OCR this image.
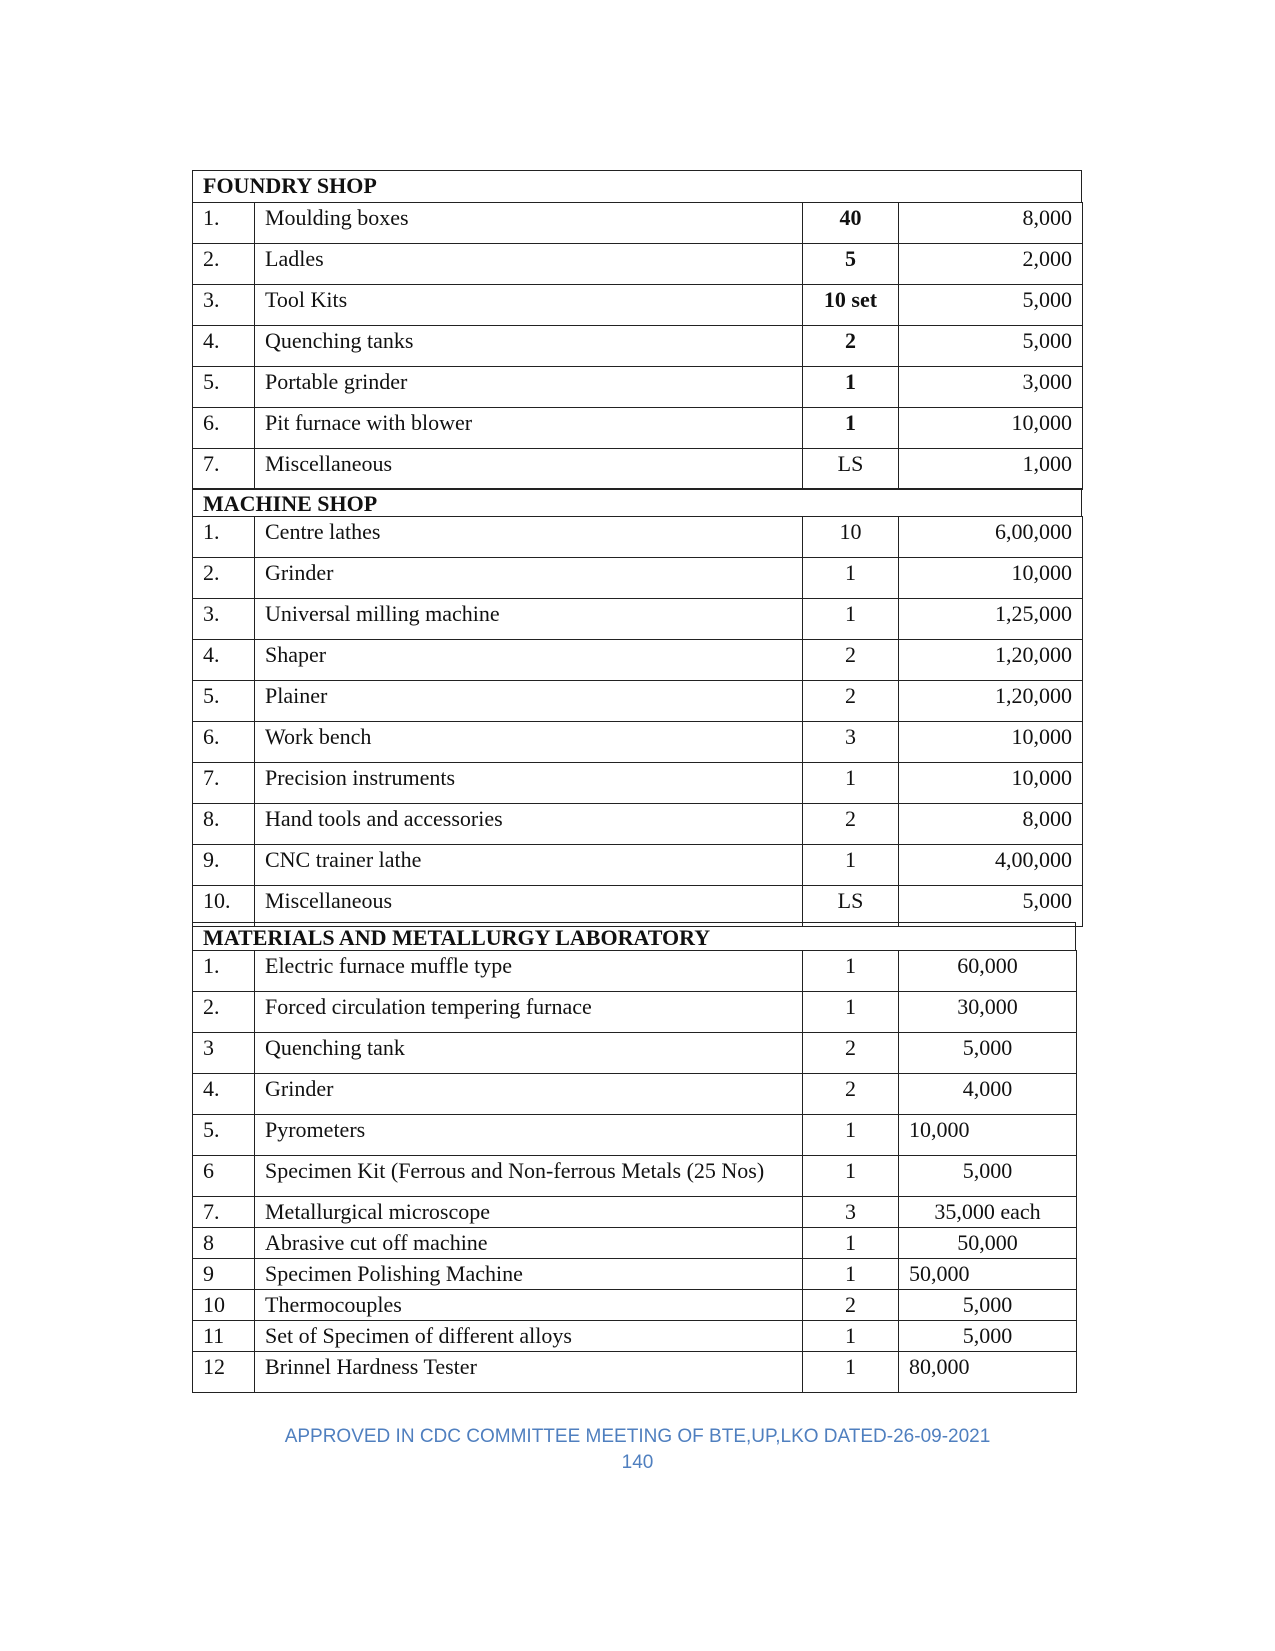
FOUNDRY SHOP
1.	Moulding boxes	40	8,000
2.	Ladles	5	2,000
3.	Tool Kits	10 set	5,000
4.	Quenching tanks	2	5,000
5.	Portable grinder	1	3,000
6.	Pit furnace with blower	1	10,000
7.	Miscellaneous	LS	1,000
MACHINE SHOP
1.	Centre lathes	10	6,00,000
2.	Grinder	1	10,000
3.	Universal milling machine	1	1,25,000
4.	Shaper	2	1,20,000
5.	Plainer	2	1,20,000
6.	Work bench	3	10,000
7.	Precision instruments	1	10,000
8.	Hand tools and accessories	2	8,000
9.	CNC trainer lathe	1	4,00,000
10.	Miscellaneous	LS	5,000
MATERIALS AND METALLURGY LABORATORY
1.	Electric furnace muffle type	1	60,000
2.	Forced circulation tempering furnace	1	30,000
3	Quenching tank	2	5,000
4.	Grinder	2	4,000
5.	Pyrometers	1	10,000
6	Specimen Kit (Ferrous and Non-ferrous Metals (25 Nos)	1	5,000
7.	Metallurgical microscope	3	35,000 each
8	Abrasive cut off machine	1	50,000
9	Specimen Polishing Machine	1	50,000
10	Thermocouples	2	5,000
11	Set of Specimen of different alloys	1	5,000
12	Brinnel Hardness Tester	1	80,000
APPROVED IN CDC COMMITTEE MEETING OF BTE,UP,LKO DATED-26-09-2021
140
